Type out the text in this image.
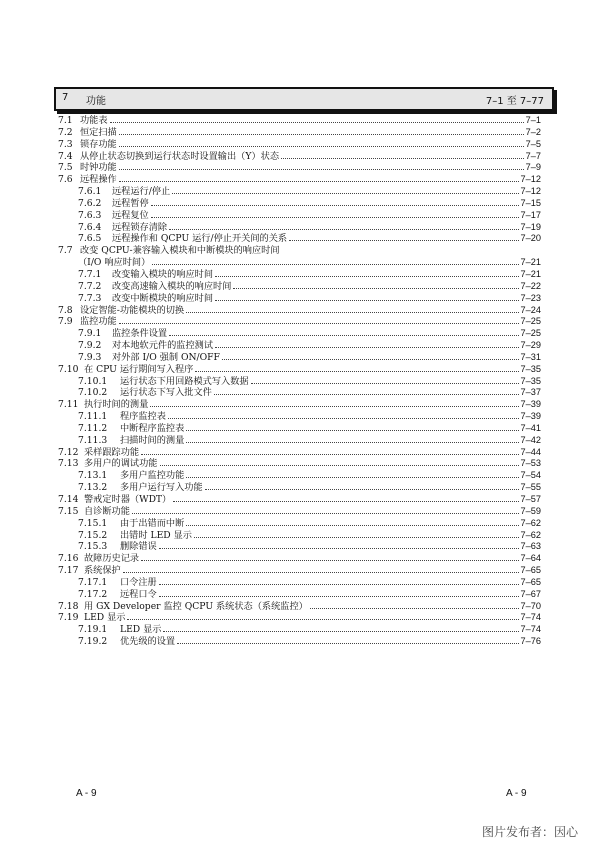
7 功能	7–1 至 7–77
7.1 功能表	7–1
7.2 恒定扫描	7–2
7.3 锁存功能	7–5
7.4 从停止状态切换到运行状态时设置输出（Y）状态	7–7
7.5 时钟功能	7–9
7.6 远程操作	7–12
7.6.1	远程运行/停止	7–12
7.6.2	远程暂停	7–15
7.6.3	远程复位	7–17
7.6.4	远程锁存清除	7–19
7.6.5	远程操作和 QCPU 运行/停止开关间的关系	7–20
7.7 改变 QCPU-兼容输入模块和中断模块的响应时间
（I/O 响应时间）	7–21
7.7.1	改变输入模块的响应时间	7–21
7.7.2	改变高速输入模块的响应时间	7–22
7.7.3	改变中断模块的响应时间	7–23
7.8 设定智能-功能模块的切换	7–24
7.9 监控功能	7–25
7.9.1	监控条件设置	7–25
7.9.2	对本地软元件的监控测试	7–29
7.9.3	对外部 I/O 强制 ON/OFF	7–31
7.10 在 CPU 运行期间写入程序	7–35
7.10.1	运行状态下用回路模式写入数据	7–35
7.10.2	运行状态下写入批文件	7–37
7.11 执行时间的测量	7–39
7.11.1	程序监控表	7–39
7.11.2	中断程序监控表	7–41
7.11.3	扫描时间的测量	7–42
7.12 采样跟踪功能	7–44
7.13 多用户的调试功能	7–53
7.13.1	多用户监控功能	7–54
7.13.2	多用户运行写入功能	7–55
7.14 警戒定时器（WDT）	7–57
7.15 自诊断功能	7–59
7.15.1	由于出错而中断	7–62
7.15.2	出错时 LED 显示	7–62
7.15.3	删除错误	7–63
7.16 故障历史记录	7–64
7.17 系统保护	7–65
7.17.1	口令注册	7–65
7.17.2	远程口令	7–67
7.18 用 GX Developer 监控 QCPU 系统状态（系统监控）	7–70
7.19 LED 显示	7–74
7.19.1	LED 显示	7–74
7.19.2	优先级的设置	7–76
A - 9	A - 9
图片发布者：因心
